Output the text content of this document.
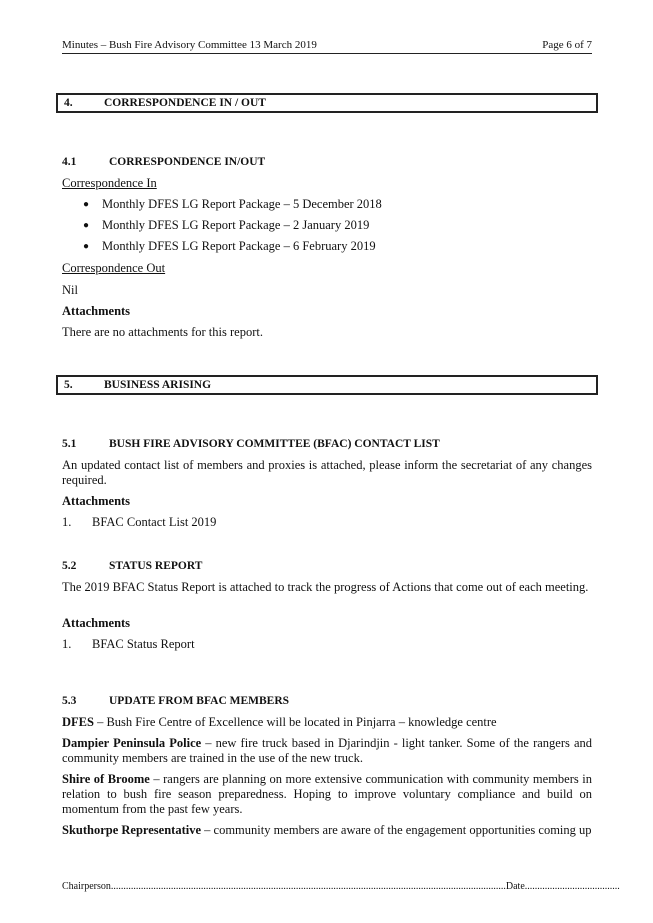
Minutes – Bush Fire Advisory Committee 13 March 2019	Page 6 of 7
4.	CORRESPONDENCE IN / OUT
4.1	CORRESPONDENCE IN/OUT
Correspondence In
● Monthly DFES LG Report Package – 5 December 2018
● Monthly DFES LG Report Package – 2 January 2019
● Monthly DFES LG Report Package – 6 February 2019
Correspondence Out
Nil
Attachments
There are no attachments for this report.
5.	BUSINESS ARISING
5.1	BUSH FIRE ADVISORY COMMITTEE (BFAC) CONTACT LIST
An updated contact list of members and proxies is attached, please inform the secretariat of any changes required.
Attachments
1. BFAC Contact List 2019
5.2	STATUS REPORT
The 2019 BFAC Status Report is attached to track the progress of Actions that come out of each meeting.
Attachments
1. BFAC Status Report
5.3	UPDATE FROM BFAC MEMBERS
DFES – Bush Fire Centre of Excellence will be located in Pinjarra – knowledge centre
Dampier Peninsula Police – new fire truck based in Djarindjin - light tanker. Some of the rangers and community members are trained in the use of the new truck.
Shire of Broome – rangers are planning on more extensive communication with community members in relation to bush fire season preparedness. Hoping to improve voluntary compliance and build on momentum from the past few years.
Skuthorpe Representative – community members are aware of the engagement opportunities coming up
Chairperson..............................................................................................................................................................Date......................................
